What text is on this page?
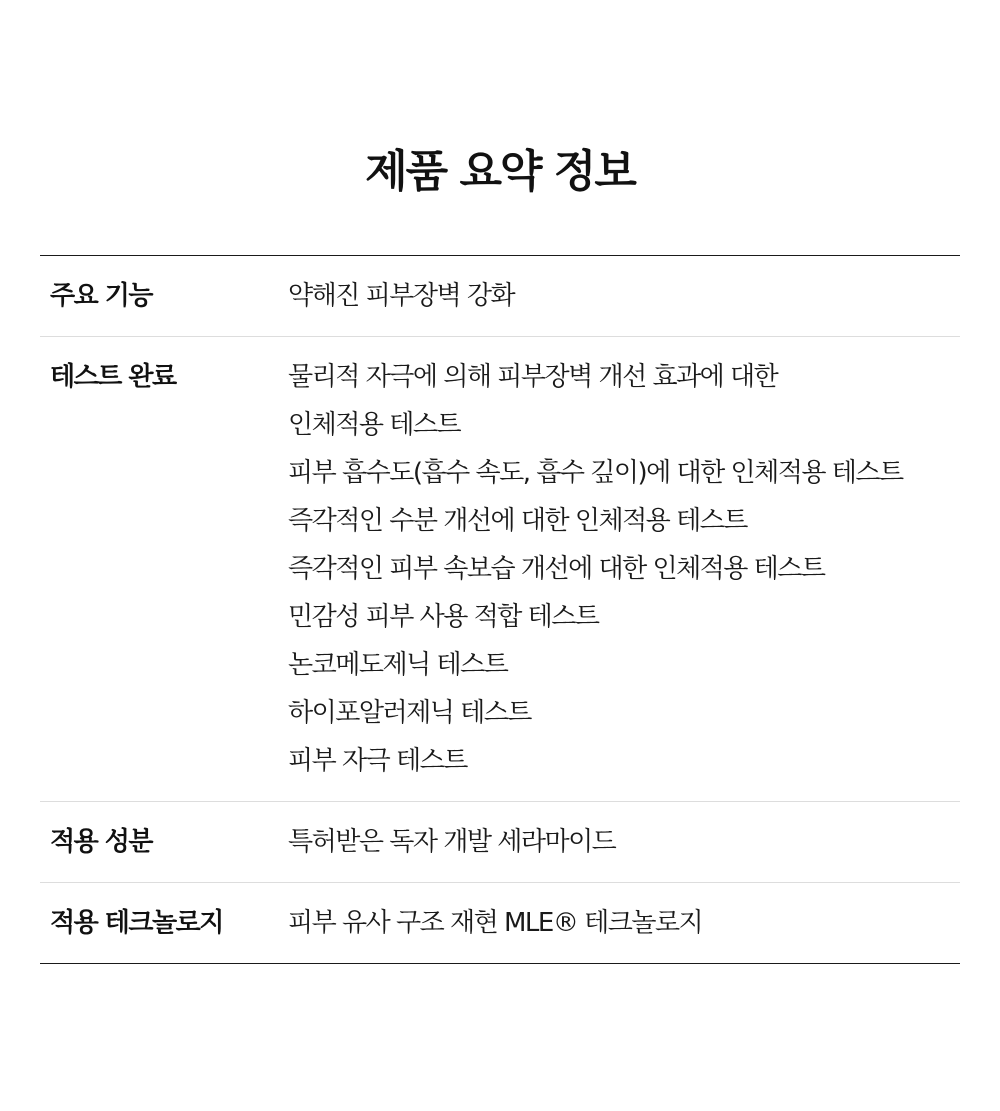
제품 요약 정보
주요 기능	약해진 피부장벽 강화
테스트 완료	물리적 자극에 의해 피부장벽 개선 효과에 대한
인체적용 테스트
피부 흡수도(흡수 속도, 흡수 깊이)에 대한 인체적용 테스트
즉각적인 수분 개선에 대한 인체적용 테스트
즉각적인 피부 속보습 개선에 대한 인체적용 테스트
민감성 피부 사용 적합 테스트
논코메도제닉 테스트
하이포알러제닉 테스트
피부 자극 테스트
적용 성분	특허받은 독자 개발 세라마이드
적용 테크놀로지	피부 유사 구조 재현 MLE® 테크놀로지
